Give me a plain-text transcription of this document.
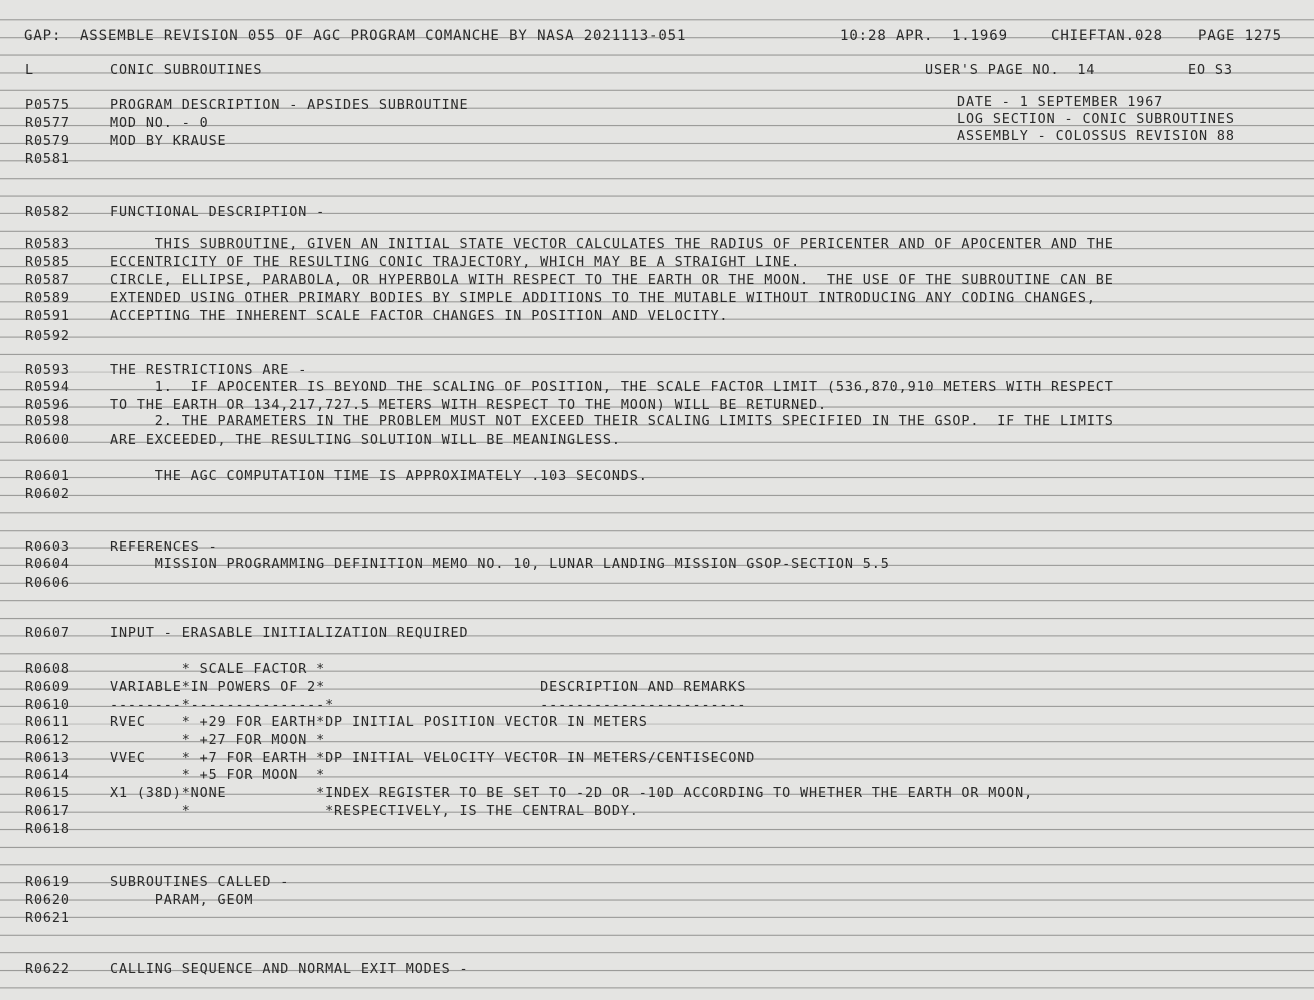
GAP:  ASSEMBLE REVISION 055 OF AGC PROGRAM COMANCHE BY NASA 2021113-051

	10:28 APR.  1.1969

	CHIEFTAN.028

	PAGE 1275

L

	CONIC SUBROUTINES

	USER'S PAGE NO.  14

	EO S3

DATE - 1 SEPTEMBER 1967

LOG SECTION - CONIC SUBROUTINES

ASSEMBLY - COLOSSUS REVISION 88

P0575	PROGRAM DESCRIPTION - APSIDES SUBROUTINE
R0577	MOD NO. - 0
R0579	MOD BY KRAUSE
R0581
R0582	FUNCTIONAL DESCRIPTION -
R0583	THIS SUBROUTINE, GIVEN AN INITIAL STATE VECTOR CALCULATES THE RADIUS OF PERICENTER AND OF APOCENTER AND THE
R0585	ECCENTRICITY OF THE RESULTING CONIC TRAJECTORY, WHICH MAY BE A STRAIGHT LINE.
R0587	CIRCLE, ELLIPSE, PARABOLA, OR HYPERBOLA WITH RESPECT TO THE EARTH OR THE MOON.  THE USE OF THE SUBROUTINE CAN BE
R0589	EXTENDED USING OTHER PRIMARY BODIES BY SIMPLE ADDITIONS TO THE MUTABLE WITHOUT INTRODUCING ANY CODING CHANGES,
R0591	ACCEPTING THE INHERENT SCALE FACTOR CHANGES IN POSITION AND VELOCITY.
R0592
R0593	THE RESTRICTIONS ARE -
R0594	1.  IF APOCENTER IS BEYOND THE SCALING OF POSITION, THE SCALE FACTOR LIMIT (536,870,910 METERS WITH RESPECT
R0596	TO THE EARTH OR 134,217,727.5 METERS WITH RESPECT TO THE MOON) WILL BE RETURNED.
R0598	2. THE PARAMETERS IN THE PROBLEM MUST NOT EXCEED THEIR SCALING LIMITS SPECIFIED IN THE GSOP.  IF THE LIMITS
R0600	ARE EXCEEDED, THE RESULTING SOLUTION WILL BE MEANINGLESS.
R0601	THE AGC COMPUTATION TIME IS APPROXIMATELY .103 SECONDS.
R0602
R0603	REFERENCES -
R0604	MISSION PROGRAMMING DEFINITION MEMO NO. 10, LUNAR LANDING MISSION GSOP-SECTION 5.5
R0606
R0607	INPUT - ERASABLE INITIALIZATION REQUIRED
R0608	* SCALE FACTOR *
R0609	VARIABLE*IN POWERS OF 2*                        DESCRIPTION AND REMARKS
R0610	--------*---------------*                       -----------------------
R0611	RVEC    * +29 FOR EARTH*DP INITIAL POSITION VECTOR IN METERS
R0612	* +27 FOR MOON *
R0613	VVEC    * +7 FOR EARTH *DP INITIAL VELOCITY VECTOR IN METERS/CENTISECOND
R0614	* +5 FOR MOON  *
R0615	X1 (38D)*NONE          *INDEX REGISTER TO BE SET TO -2D OR -10D ACCORDING TO WHETHER THE EARTH OR MOON,
R0617	*               *RESPECTIVELY, IS THE CENTRAL BODY.
R0618
R0619	SUBROUTINES CALLED -
R0620	PARAM, GEOM
R0621
R0622	CALLING SEQUENCE AND NORMAL EXIT MODES -
